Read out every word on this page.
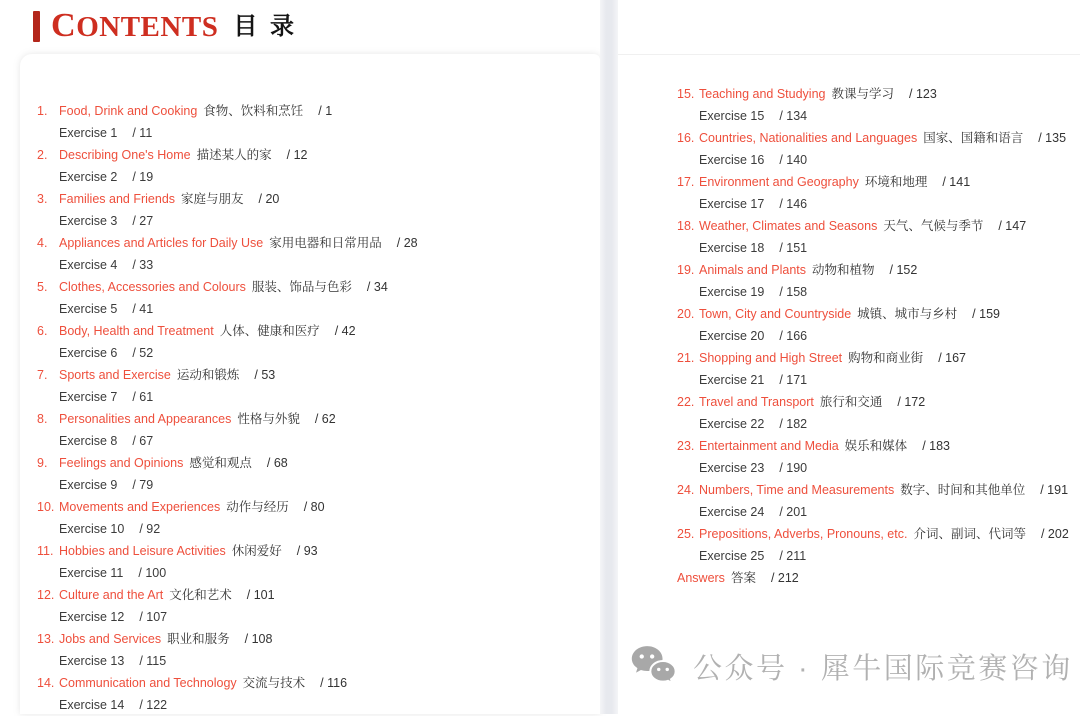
CONTENTS 目 录
1. Food, Drink and Cooking 食物、饮料和烹饪 / 1
Exercise 1 / 11
2. Describing One's Home 描述某人的家 / 12
Exercise 2 / 19
3. Families and Friends 家庭与朋友 / 20
Exercise 3 / 27
4. Appliances and Articles for Daily Use 家用电器和日常用品 / 28
Exercise 4 / 33
5. Clothes, Accessories and Colours 服装、饰品与色彩 / 34
Exercise 5 / 41
6. Body, Health and Treatment 人体、健康和医疗 / 42
Exercise 6 / 52
7. Sports and Exercise 运动和锻炼 / 53
Exercise 7 / 61
8. Personalities and Appearances 性格与外貌 / 62
Exercise 8 / 67
9. Feelings and Opinions 感觉和观点 / 68
Exercise 9 / 79
10. Movements and Experiences 动作与经历 / 80
Exercise 10 / 92
11. Hobbies and Leisure Activities 休闲爱好 / 93
Exercise 11 / 100
12. Culture and the Art 文化和艺术 / 101
Exercise 12 / 107
13. Jobs and Services 职业和服务 / 108
Exercise 13 / 115
14. Communication and Technology 交流与技术 / 116
Exercise 14 / 122
15. Teaching and Studying 教课与学习 / 123
Exercise 15 / 134
16. Countries, Nationalities and Languages 国家、国籍和语言 / 135
Exercise 16 / 140
17. Environment and Geography 环境和地理 / 141
Exercise 17 / 146
18. Weather, Climates and Seasons 天气、气候与季节 / 147
Exercise 18 / 151
19. Animals and Plants 动物和植物 / 152
Exercise 19 / 158
20. Town, City and Countryside 城镇、城市与乡村 / 159
Exercise 20 / 166
21. Shopping and High Street 购物和商业街 / 167
Exercise 21 / 171
22. Travel and Transport 旅行和交通 / 172
Exercise 22 / 182
23. Entertainment and Media 娱乐和媒体 / 183
Exercise 23 / 190
24. Numbers, Time and Measurements 数字、时间和其他单位 / 191
Exercise 24 / 201
25. Prepositions, Adverbs, Pronouns, etc. 介词、副词、代词等 / 202
Exercise 25 / 211
Answers 答案 / 212
公众号 · 犀牛国际竞赛咨询
